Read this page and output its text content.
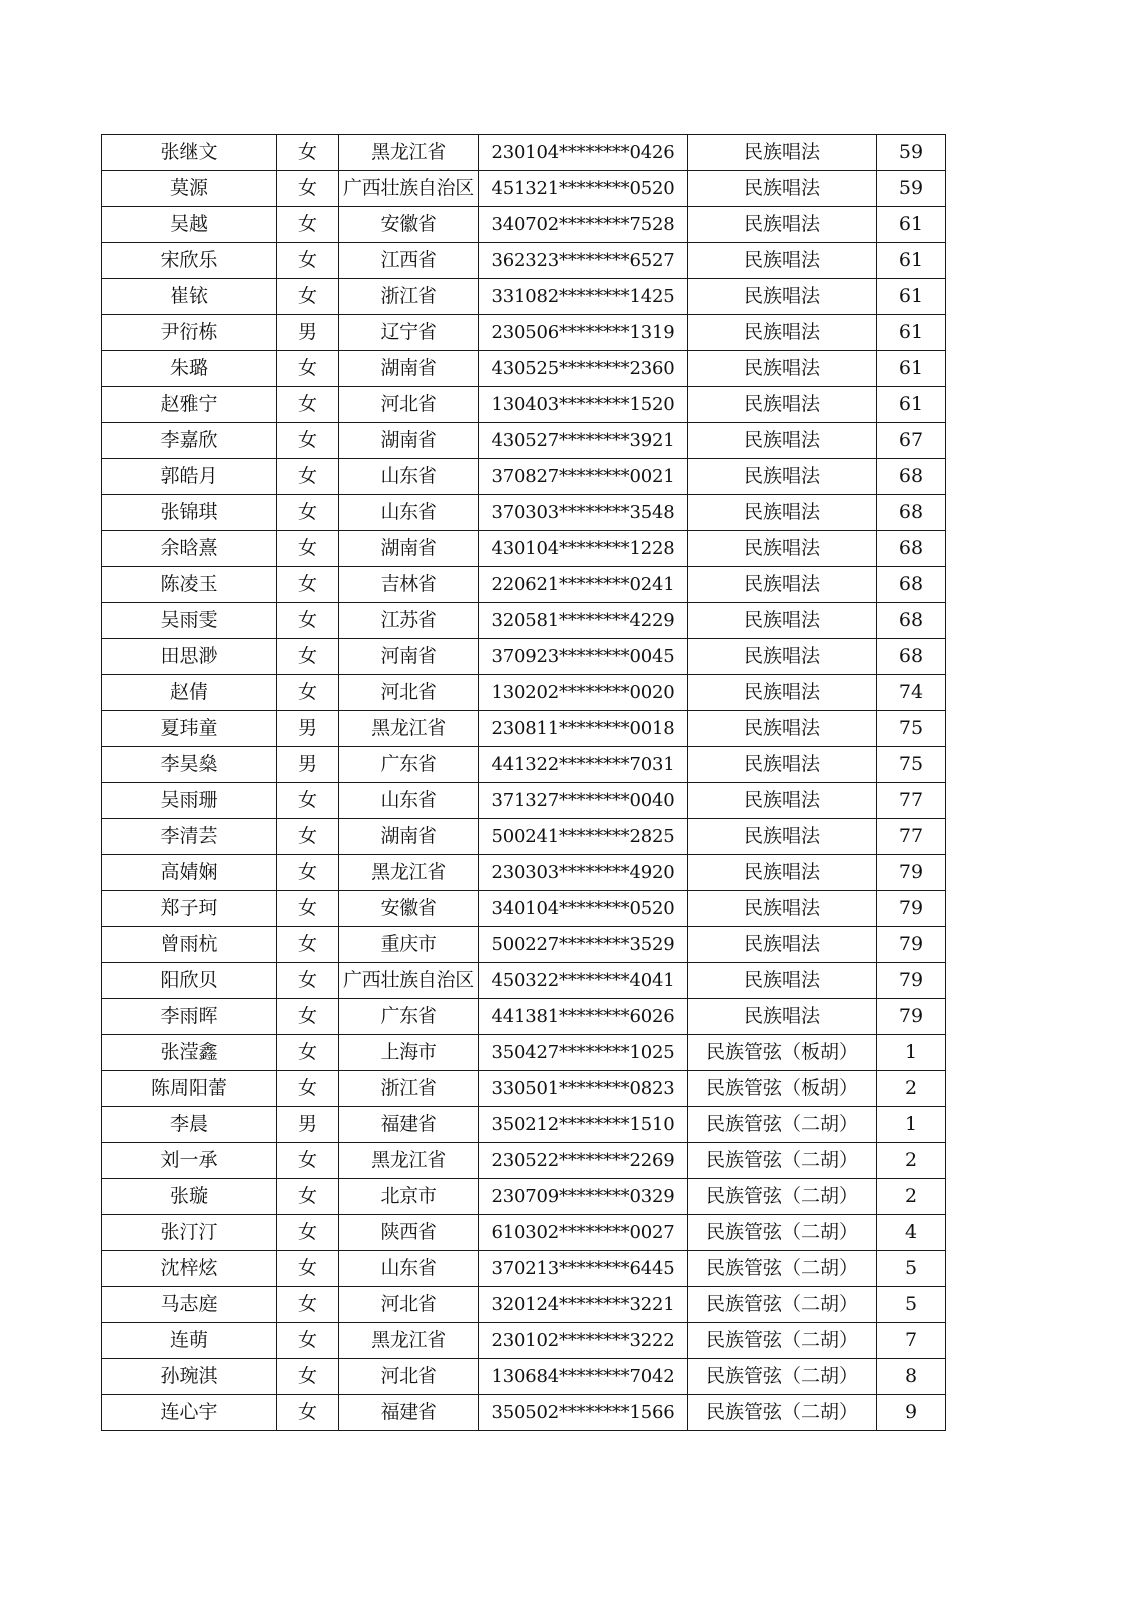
张继文	女	黑龙江省	230104********0426	民族唱法	59
莫源	女	广西壮族自治区	451321********0520	民族唱法	59
吴越	女	安徽省	340702********7528	民族唱法	61
宋欣乐	女	江西省	362323********6527	民族唱法	61
崔铱	女	浙江省	331082********1425	民族唱法	61
尹衍栋	男	辽宁省	230506********1319	民族唱法	61
朱璐	女	湖南省	430525********2360	民族唱法	61
赵雅宁	女	河北省	130403********1520	民族唱法	61
李嘉欣	女	湖南省	430527********3921	民族唱法	67
郭皓月	女	山东省	370827********0021	民族唱法	68
张锦琪	女	山东省	370303********3548	民族唱法	68
余晗熹	女	湖南省	430104********1228	民族唱法	68
陈凌玉	女	吉林省	220621********0241	民族唱法	68
吴雨雯	女	江苏省	320581********4229	民族唱法	68
田思渺	女	河南省	370923********0045	民族唱法	68
赵倩	女	河北省	130202********0020	民族唱法	74
夏玮童	男	黑龙江省	230811********0018	民族唱法	75
李昊燊	男	广东省	441322********7031	民族唱法	75
吴雨珊	女	山东省	371327********0040	民族唱法	77
李清芸	女	湖南省	500241********2825	民族唱法	77
高婧娴	女	黑龙江省	230303********4920	民族唱法	79
郑子珂	女	安徽省	340104********0520	民族唱法	79
曾雨杭	女	重庆市	500227********3529	民族唱法	79
阳欣贝	女	广西壮族自治区	450322********4041	民族唱法	79
李雨晖	女	广东省	441381********6026	民族唱法	79
张滢鑫	女	上海市	350427********1025	民族管弦（板胡）	1
陈周阳蕾	女	浙江省	330501********0823	民族管弦（板胡）	2
李晨	男	福建省	350212********1510	民族管弦（二胡）	1
刘一承	女	黑龙江省	230522********2269	民族管弦（二胡）	2
张璇	女	北京市	230709********0329	民族管弦（二胡）	2
张汀汀	女	陕西省	610302********0027	民族管弦（二胡）	4
沈梓炫	女	山东省	370213********6445	民族管弦（二胡）	5
马志庭	女	河北省	320124********3221	民族管弦（二胡）	5
连萌	女	黑龙江省	230102********3222	民族管弦（二胡）	7
孙琬淇	女	河北省	130684********7042	民族管弦（二胡）	8
连心宇	女	福建省	350502********1566	民族管弦（二胡）	9
